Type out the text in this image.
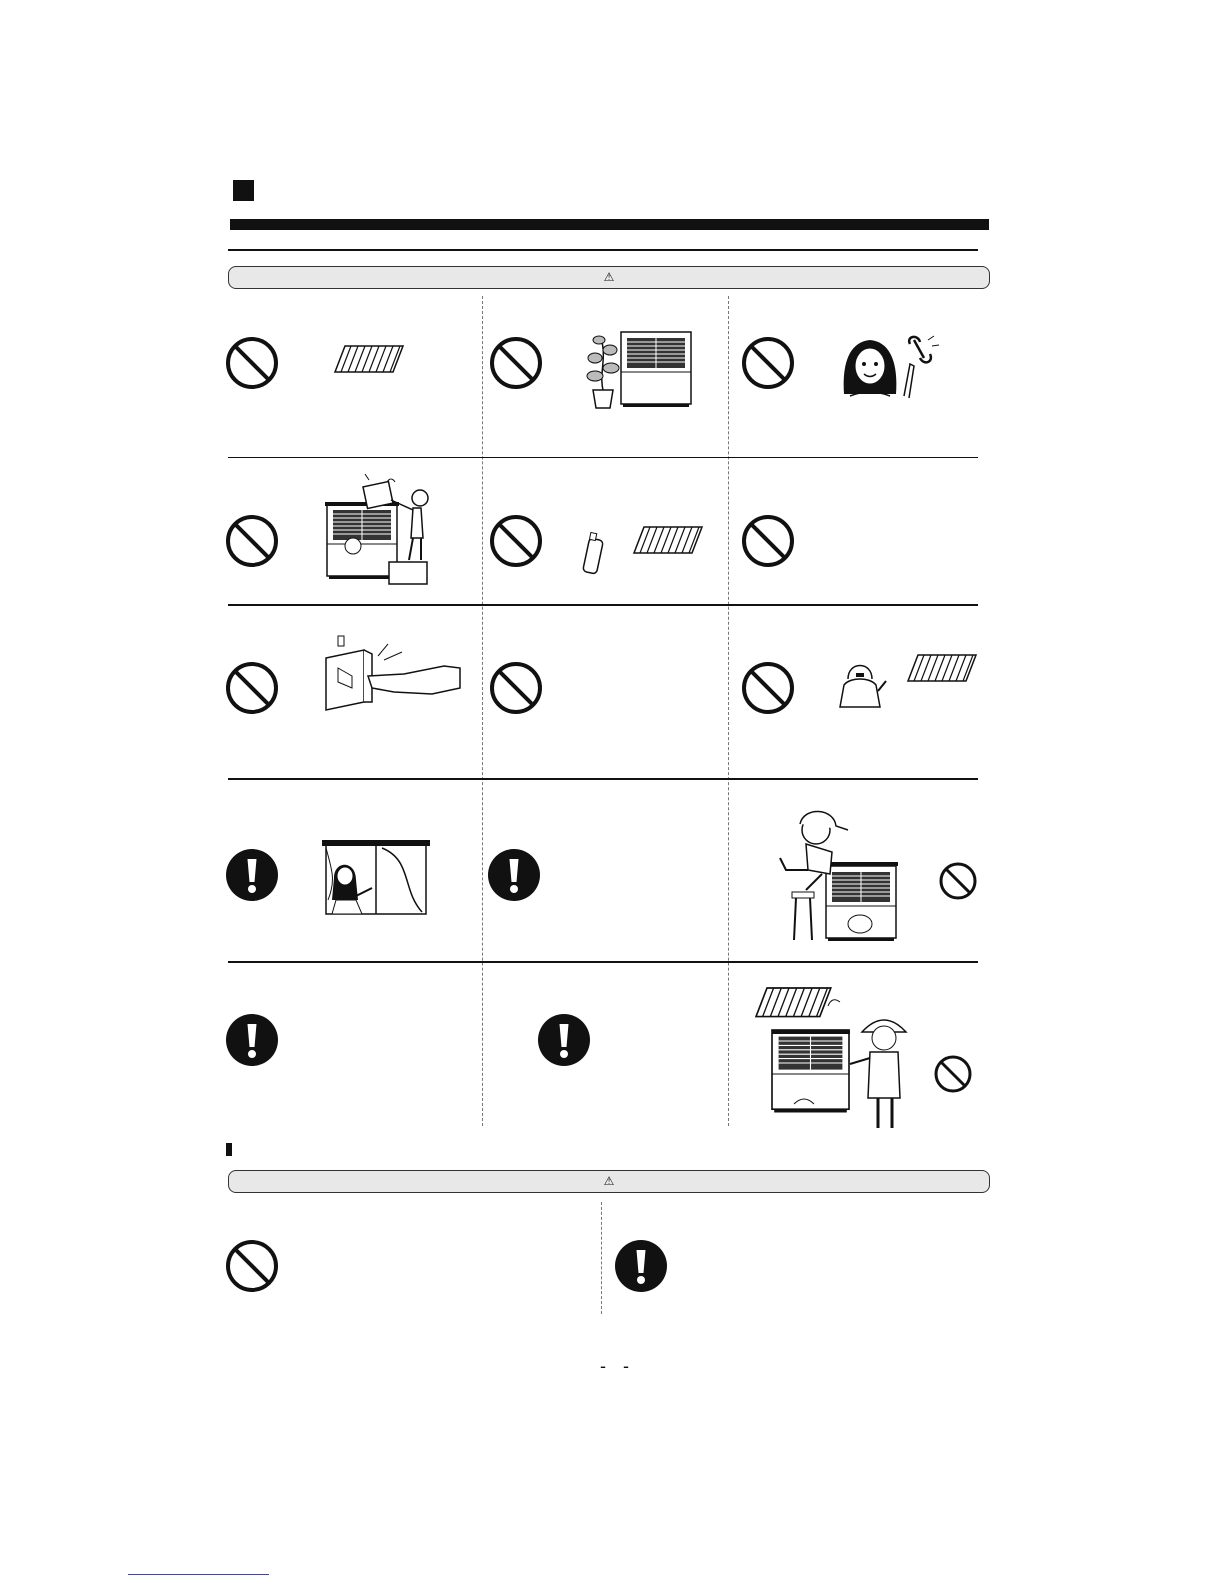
⚠
⚠
- -
